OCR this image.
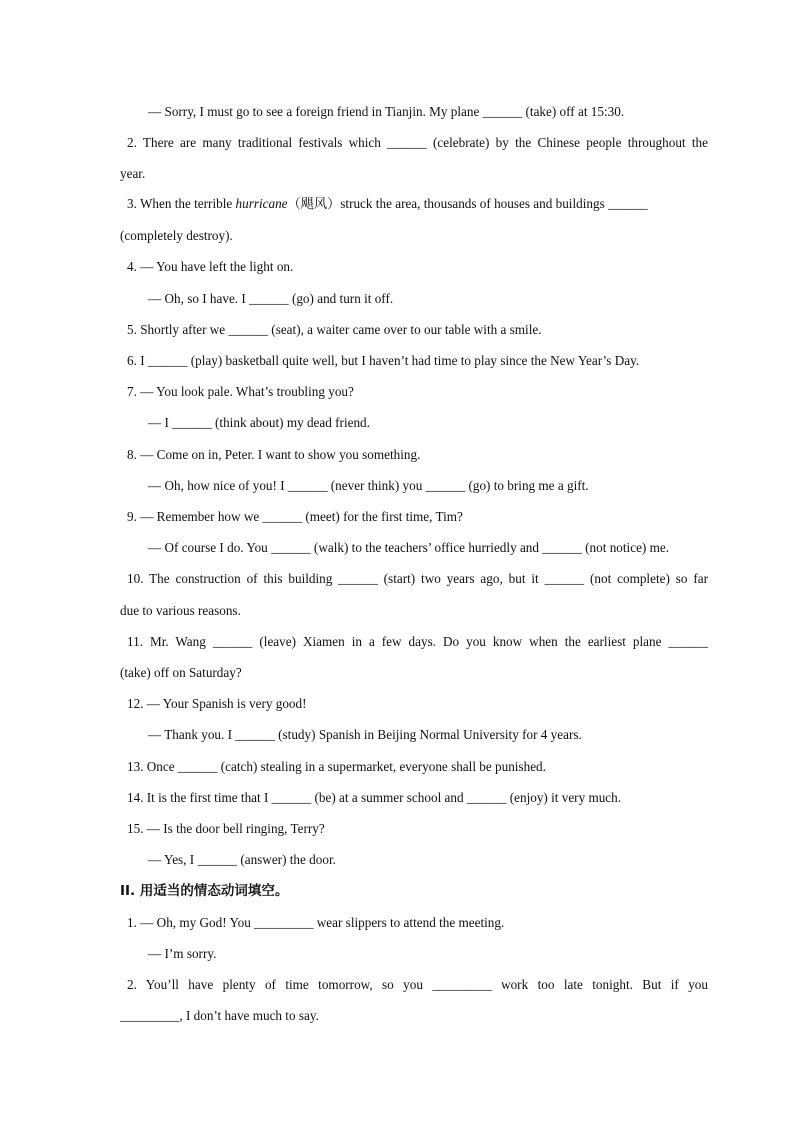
— Sorry, I must go to see a foreign friend in Tianjin. My plane ______ (take) off at 15:30.
2. There are many traditional festivals which ______ (celebrate) by the Chinese people throughout the
year.
3. When the terrible hurricane（飓风）struck the area, thousands of houses and buildings ______
(completely destroy).
4. — You have left the light on.
— Oh, so I have. I ______ (go) and turn it off.
5. Shortly after we ______ (seat), a waiter came over to our table with a smile.
6. I ______ (play) basketball quite well, but I haven’t had time to play since the New Year’s Day.
7. — You look pale. What’s troubling you?
— I ______ (think about) my dead friend.
8. — Come on in, Peter. I want to show you something.
— Oh, how nice of you! I ______ (never think) you ______ (go) to bring me a gift.
9. — Remember how we ______ (meet) for the first time, Tim?
— Of course I do. You ______ (walk) to the teachers’ office hurriedly and ______ (not notice) me.
10. The construction of this building ______ (start) two years ago, but it ______ (not complete) so far
due to various reasons.
11. Mr. Wang ______ (leave) Xiamen in a few days. Do you know when the earliest plane ______
(take) off on Saturday?
12. — Your Spanish is very good!
— Thank you. I ______ (study) Spanish in Beijing Normal University for 4 years.
13. Once ______ (catch) stealing in a supermarket, everyone shall be punished.
14. It is the first time that I ______ (be) at a summer school and ______ (enjoy) it very much.
15. — Is the door bell ringing, Terry?
— Yes, I ______ (answer) the door.
II. 用适当的情态动词填空。
1. — Oh, my God! You _________ wear slippers to attend the meeting.
— I’m sorry.
2. You’ll have plenty of time tomorrow, so you _________ work too late tonight. But if you
_________, I don’t have much to say.
